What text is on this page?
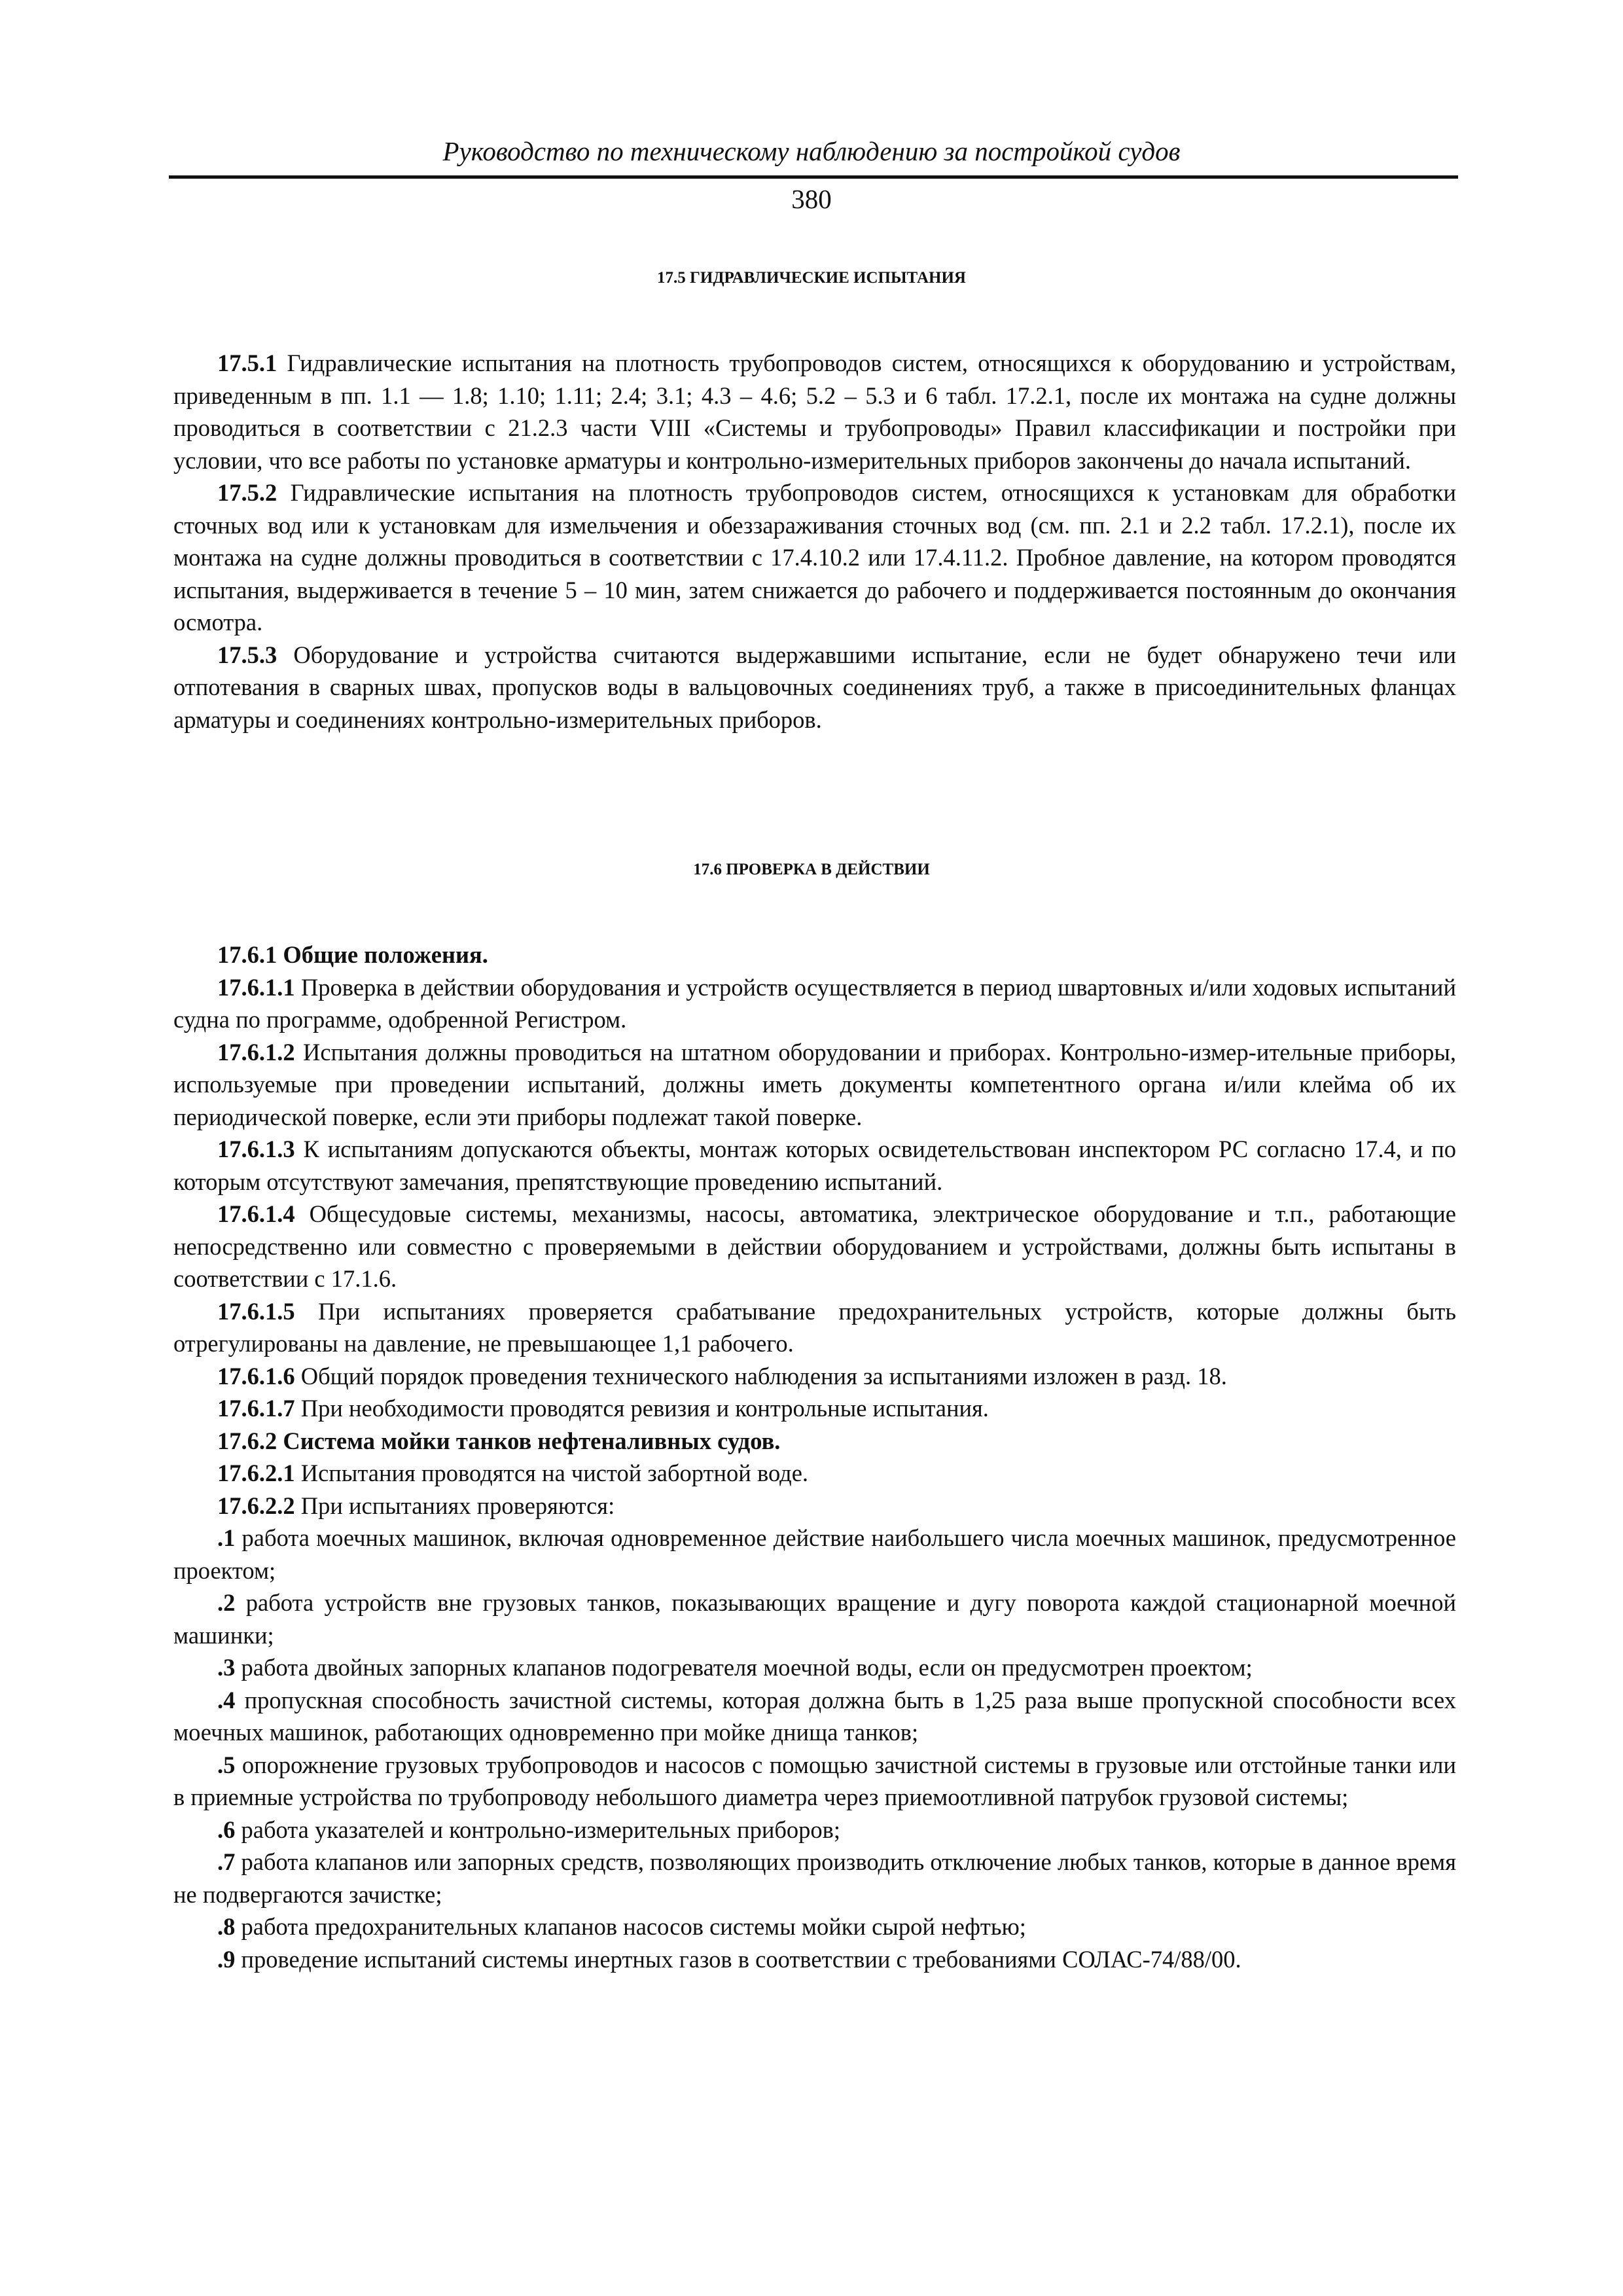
Руководство по техническому наблюдению за постройкой судов
380
17.5 ГИДРАВЛИЧЕСКИЕ ИСПЫТАНИЯ

17.5.1 Гидравлические испытания на плотность трубопроводов систем, относящихся к оборудованию и устройствам, приведенным в пп. 1.1 — 1.8; 1.10; 1.11; 2.4; 3.1; 4.3 – 4.6; 5.2 – 5.3 и 6 табл. 17.2.1, после их монтажа на судне должны проводиться в соответствии с 21.2.3 части VIII «Системы и трубопроводы» Правил классификации и постройки при условии, что все работы по установке арматуры и контрольно-измерительных приборов закончены до начала испытаний.

17.5.2 Гидравлические испытания на плотность трубопроводов систем, относящихся к установкам для обработки сточных вод или к установкам для измельчения и обеззараживания сточных вод (см. пп. 2.1 и 2.2 табл. 17.2.1), после их монтажа на судне должны проводиться в соответствии с 17.4.10.2 или 17.4.11.2. Пробное давление, на котором проводятся испытания, выдерживается в течение 5 – 10 мин, затем снижается до рабочего и поддерживается постоянным до окончания осмотра.

17.5.3 Оборудование и устройства считаются выдержавшими испытание, если не будет обнаружено течи или отпотевания в сварных швах, пропусков воды в вальцовочных соединениях труб, а также в присоединительных фланцах арматуры и соединениях контрольно-измерительных приборов.

17.6 ПРОВЕРКА В ДЕЙСТВИИ

17.6.1 Общие положения.

17.6.1.1 Проверка в действии оборудования и устройств осуществляется в период швартовных и/или ходовых испытаний судна по программе, одобренной Регистром.

17.6.1.2 Испытания должны проводиться на штатном оборудовании и приборах. Контрольно-измер-ительные приборы, используемые при проведении испытаний, должны иметь документы компетентного органа и/или клейма об их периодической поверке, если эти приборы подлежат такой поверке.

17.6.1.3 К испытаниям допускаются объекты, монтаж которых освидетельствован инспектором РС согласно 17.4, и по которым отсутствуют замечания, препятствующие проведению испытаний.

17.6.1.4 Общесудовые системы, механизмы, насосы, автоматика, электрическое оборудование и т.п., работающие непосредственно или совместно с проверяемыми в действии оборудованием и устройствами, должны быть испытаны в соответствии с 17.1.6.

17.6.1.5 При испытаниях проверяется срабатывание предохранительных устройств, которые должны быть отрегулированы на давление, не превышающее 1,1 рабочего.

17.6.1.6 Общий порядок проведения технического наблюдения за испытаниями изложен в разд. 18.

17.6.1.7 При необходимости проводятся ревизия и контрольные испытания.

17.6.2 Система мойки танков нефтеналивных судов.

17.6.2.1 Испытания проводятся на чистой забортной воде.

17.6.2.2 При испытаниях проверяются:

.1 работа моечных машинок, включая одновременное действие наибольшего числа моечных машинок, предусмотренное проектом;

.2 работа устройств вне грузовых танков, показывающих вращение и дугу поворота каждой стационарной моечной машинки;

.3 работа двойных запорных клапанов подогревателя моечной воды, если он предусмотрен проектом;

.4 пропускная способность зачистной системы, которая должна быть в 1,25 раза выше пропускной способности всех моечных машинок, работающих одновременно при мойке днища танков;

.5 опорожнение грузовых трубопроводов и насосов с помощью зачистной системы в грузовые или отстойные танки или в приемные устройства по трубопроводу небольшого диаметра через приемоотливной патрубок грузовой системы;

.6 работа указателей и контрольно-измерительных приборов;

.7 работа клапанов или запорных средств, позволяющих производить отключение любых танков, которые в данное время не подвергаются зачистке;

.8 работа предохранительных клапанов насосов системы мойки сырой нефтью;

.9 проведение испытаний системы инертных газов в соответствии с требованиями СОЛАС-74/88/00.
